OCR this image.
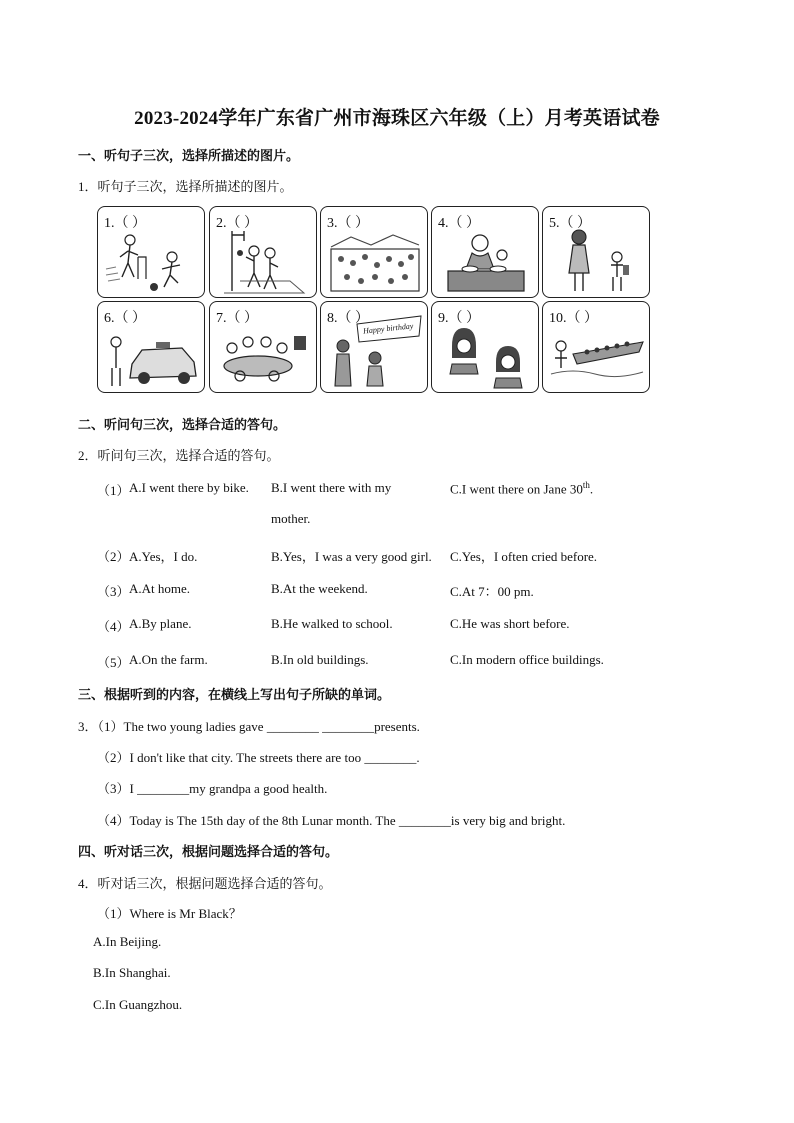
2023-2024学年广东省广州市海珠区六年级（上）月考英语试卷
一、听句子三次，选择所描述的图片。
1．听句子三次，选择所描述的图片。
1.（ ）	2.（ ）	3.（ ）	4.（ ）	5.（ ）
6.（ ）	7.（ ）
Happy birthday
8.（ ）	9.（ ）	10.（ ）
二、听问句三次，选择合适的答句。
2．听问句三次，选择合适的答句。
（1） A.I went there by bike. B.I went there with my
mother.
C.I went there on Jane 30th.
（2） A.Yes，I do.	B.Yes，I was a very good girl. C.Yes，I often cried before.
（3） A.At home.	B.At the weekend.	C.At 7：00 pm.
（4） A.By plane.	B.He walked to school.	C.He was short before.
（5） A.On the farm.	B.In old buildings.	C.In modern office buildings.
三、根据听到的内容，在横线上写出句子所缺的单词。
3．（1）The two young ladies gave ________ ________presents.
（2）I don't like that city. The streets there are too ________.
（3）I ________my grandpa a good health.
（4）Today is The 15th day of the 8th Lunar month. The ________is very big and bright.
四、听对话三次，根据问题选择合适的答句。
4．听对话三次，根据问题选择合适的答句。
（1）Where is Mr Black？
A.In Beijing.
B.In Shanghai.
C.In Guangzhou.
